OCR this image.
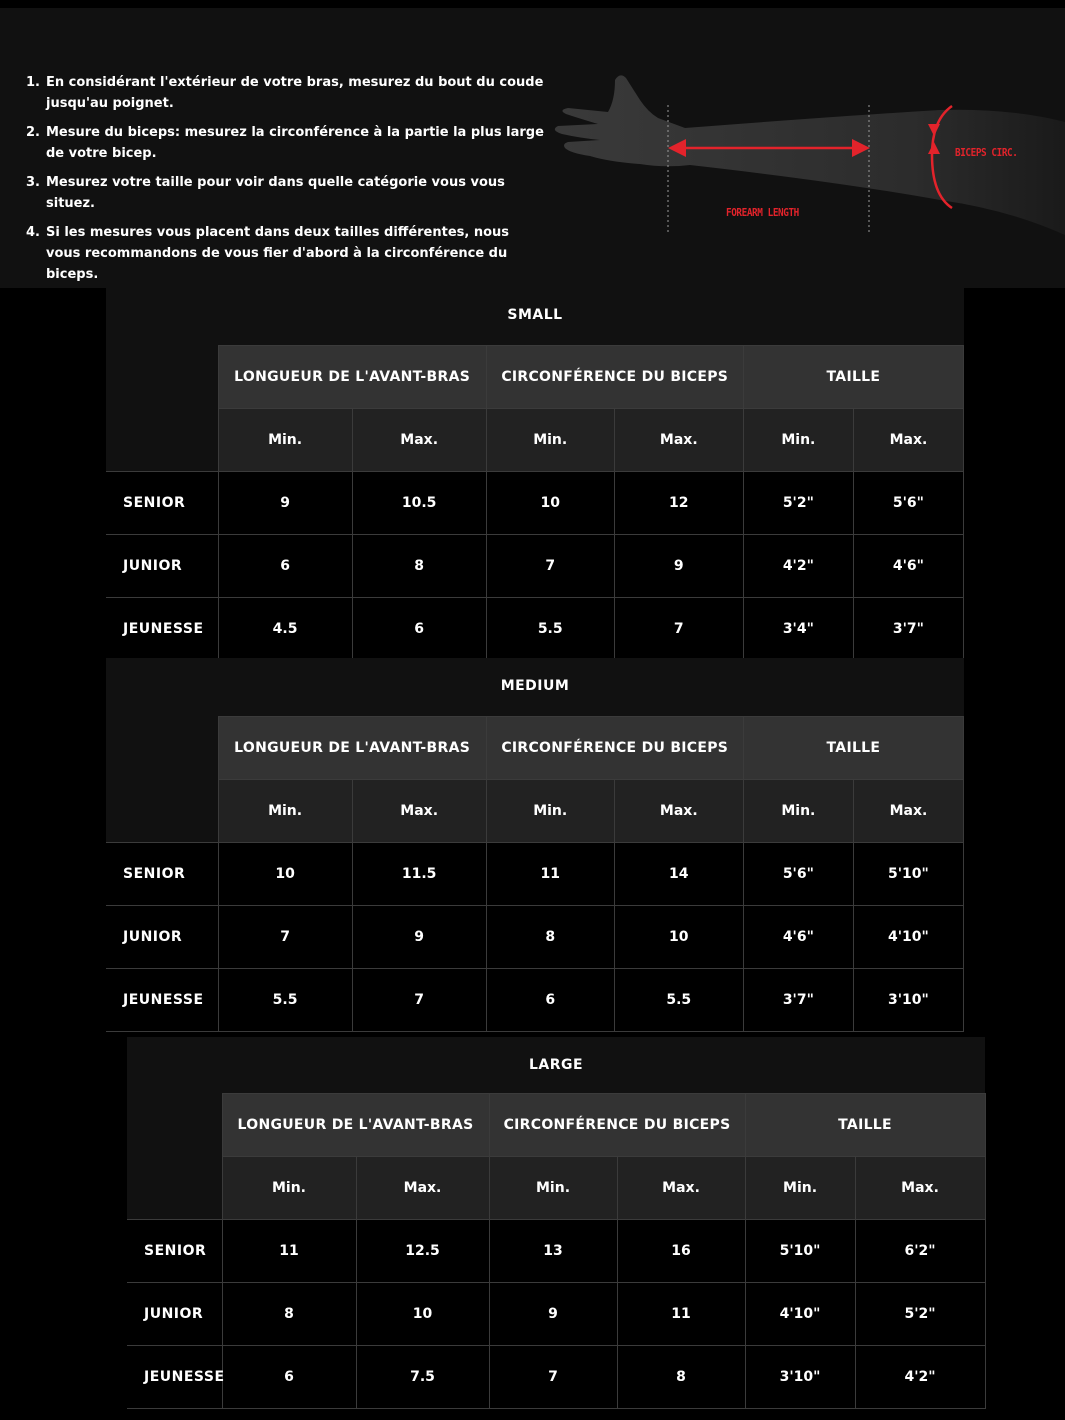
1. En considérant l'extérieur de votre bras, mesurez du bout du coude jusqu'au poignet.
2. Mesure du biceps: mesurez la circonférence à la partie la plus large de votre bicep.
3. Mesurez votre taille pour voir dans quelle catégorie vous vous situez.
4. Si les mesures vous placent dans deux tailles différentes, nous vous recommandons de vous fier d'abord à la circonférence du biceps.
FOREARM LENGTH
BICEPS CIRC.
SMALL
	LONGUEUR DE L'AVANT-BRAS		CIRCONFÉRENCE DU BICEPS		TAILLE	
	Min.	Max.	Min.	Max.	Min.	Max.
SENIOR	9	10.5	10	12	5'2"	5'6"
JUNIOR	6	8	7	9	4'2"	4'6"
JEUNESSE	4.5	6	5.5	7	3'4"	3'7"
MEDIUM
	LONGUEUR DE L'AVANT-BRAS		CIRCONFÉRENCE DU BICEPS		TAILLE	
	Min.	Max.	Min.	Max.	Min.	Max.
SENIOR	10	11.5	11	14	5'6"	5'10"
JUNIOR	7	9	8	10	4'6"	4'10"
JEUNESSE	5.5	7	6	5.5	3'7"	3'10"
LARGE
	LONGUEUR DE L'AVANT-BRAS		CIRCONFÉRENCE DU BICEPS		TAILLE	
	Min.	Max.	Min.	Max.	Min.	Max.
SENIOR	11	12.5	13	16	5'10"	6'2"
JUNIOR	8	10	9	11	4'10"	5'2"
JEUNESSE	6	7.5	7	8	3'10"	4'2"
